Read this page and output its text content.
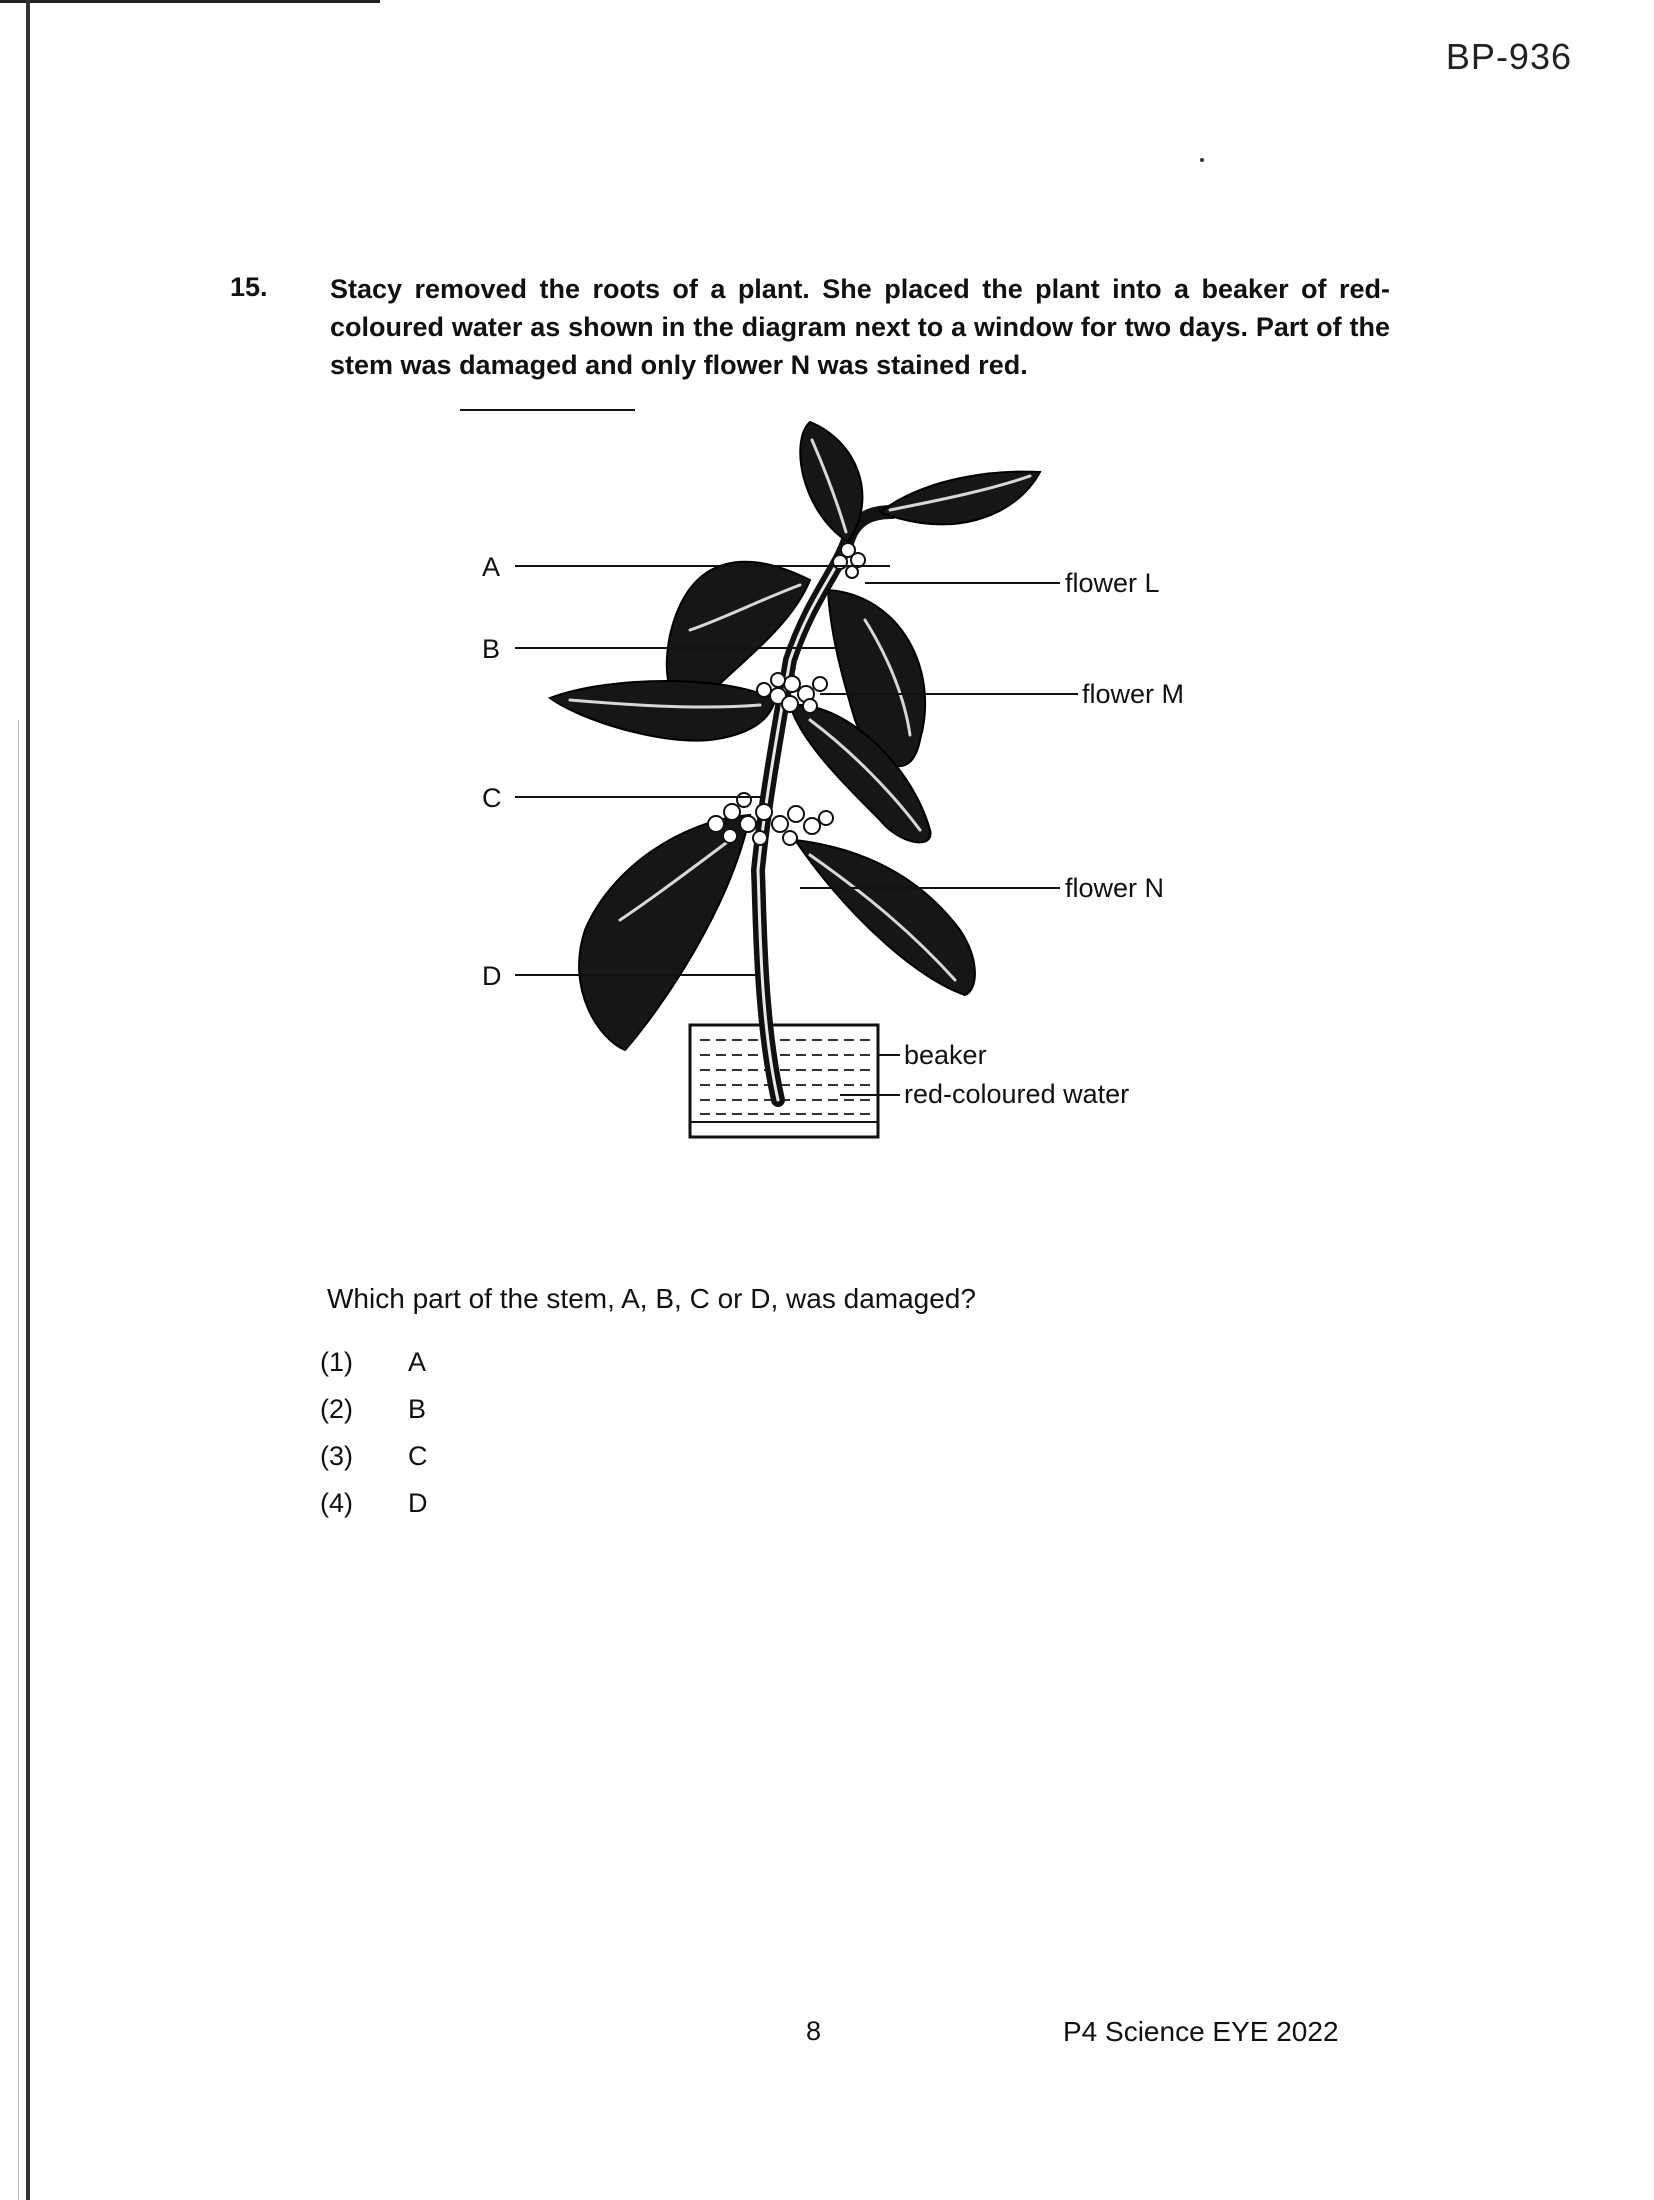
BP-936
15. Stacy removed the roots of a plant. She placed the plant into a beaker of red-coloured water as shown in the diagram next to a window for two days. Part of the stem was damaged and only flower N was stained red.
A
B
C
D
flower L
flower M
flower N
beaker
red-coloured water
Which part of the stem, A, B, C or D, was damaged?
(1) A
(2) B
(3) C
(4) D
8	P4 Science EYE 2022
